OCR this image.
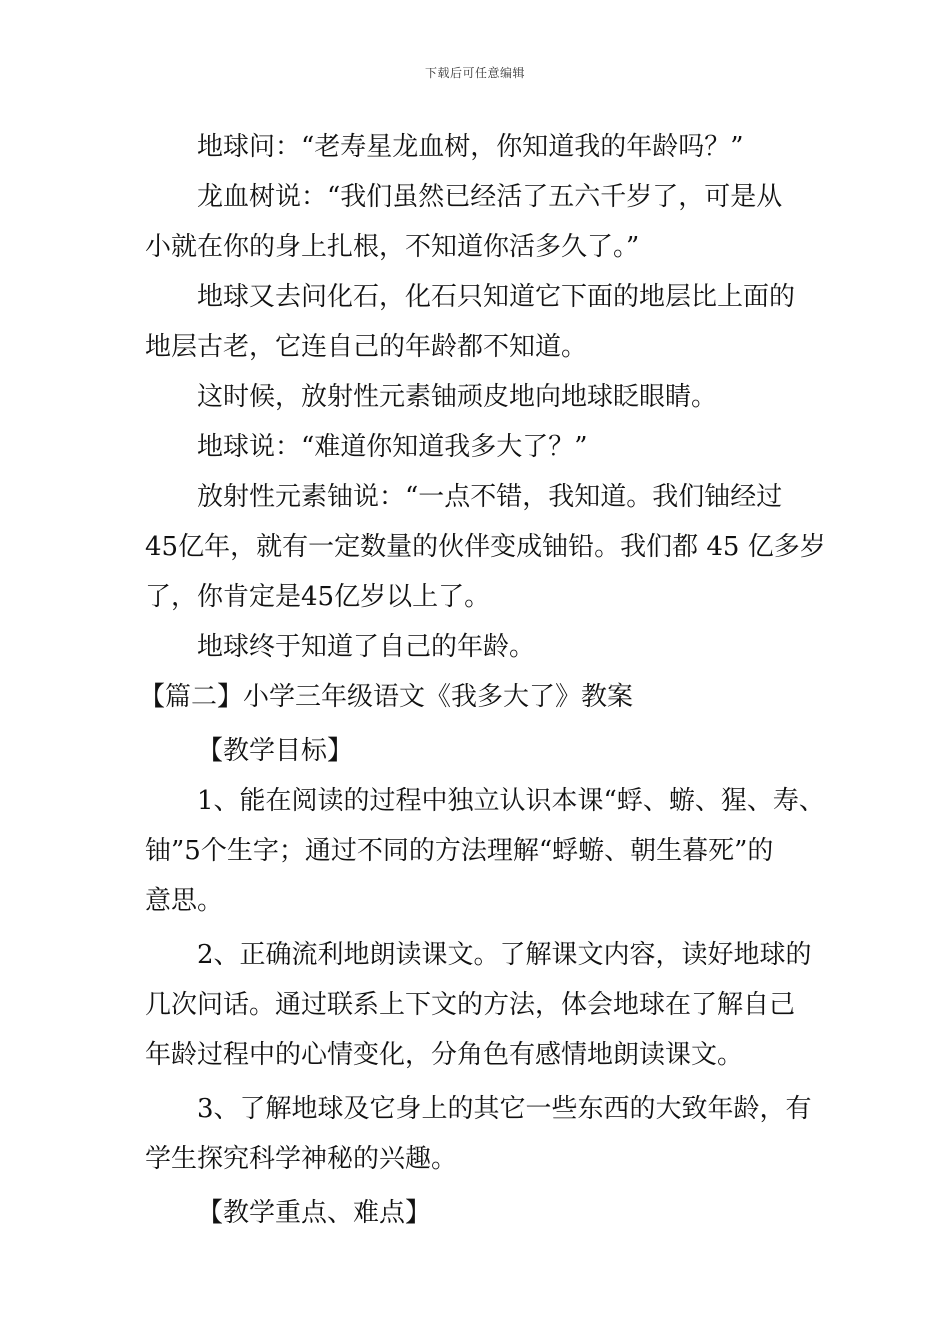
下载后可任意编辑

地球问：“老寿星龙血树，你知道我的年龄吗？”

龙血树说：“我们虽然已经活了五六千岁了，可是从

小就在你的身上扎根，不知道你活多久了。”

地球又去问化石，化石只知道它下面的地层比上面的

地层古老，它连自己的年龄都不知道。

这时候，放射性元素铀顽皮地向地球眨眼睛。

地球说：“难道你知道我多大了？”

放射性元素铀说：“一点不错，我知道。我们铀经过

45亿年，就有一定数量的伙伴变成铀铅。我们都 45 亿多岁

了，你肯定是45亿岁以上了。

地球终于知道了自己的年龄。

【篇二】小学三年级语文《我多大了》教案

【教学目标】

1、能在阅读的过程中独立认识本课“蜉、蝣、猩、寿、

铀”5个生字；通过不同的方法理解“蜉蝣、朝生暮死”的

意思。

2、正确流利地朗读课文。了解课文内容，读好地球的

几次问话。通过联系上下文的方法，体会地球在了解自己

年龄过程中的心情变化，分角色有感情地朗读课文。

3、了解地球及它身上的其它一些东西的大致年龄，有

学生探究科学神秘的兴趣。

【教学重点、难点】
